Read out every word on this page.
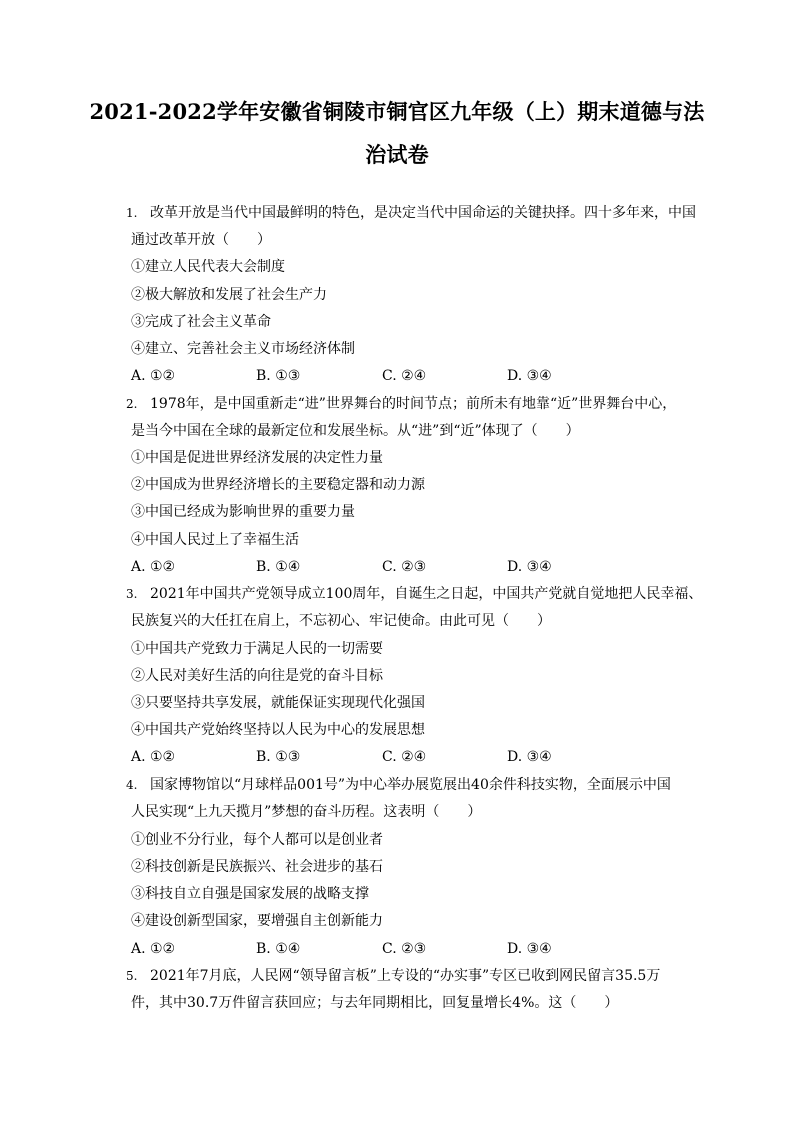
2021-2022学年安徽省铜陵市铜官区九年级（上）期末道德与法
治试卷
1. 改革开放是当代中国最鲜明的特色，是决定当代中国命运的关键抉择。四十多年来，中国
通过改革开放（　　）
①建立人民代表大会制度
②极大解放和发展了社会生产力
③完成了社会主义革命
④建立、完善社会主义市场经济体制
A. ①②	B. ①③	C. ②④	D. ③④
2. 1978年，是中国重新走“进”世界舞台的时间节点；前所未有地靠“近”世界舞台中心，
是当今中国在全球的最新定位和发展坐标。从“进”到“近”体现了（　　）
①中国是促进世界经济发展的决定性力量
②中国成为世界经济增长的主要稳定器和动力源
③中国已经成为影响世界的重要力量
④中国人民过上了幸福生活
A. ①②	B. ①④	C. ②③	D. ③④
3. 2021年中国共产党领导成立100周年，自诞生之日起，中国共产党就自觉地把人民幸福、
民族复兴的大任扛在肩上，不忘初心、牢记使命。由此可见（　　）
①中国共产党致力于满足人民的一切需要
②人民对美好生活的向往是党的奋斗目标
③只要坚持共享发展，就能保证实现现代化强国
④中国共产党始终坚持以人民为中心的发展思想
A. ①②	B. ①③	C. ②④	D. ③④
4. 国家博物馆以“月球样品001号”为中心举办展览展出40余件科技实物，全面展示中国
人民实现“上九天揽月”梦想的奋斗历程。这表明（　　）
①创业不分行业，每个人都可以是创业者
②科技创新是民族振兴、社会进步的基石
③科技自立自强是国家发展的战略支撑
④建设创新型国家，要增强自主创新能力
A. ①②	B. ①④	C. ②③	D. ③④
5. 2021年7月底，人民网“领导留言板”上专设的“办实事”专区已收到网民留言35.5万
件，其中30.7万件留言获回应；与去年同期相比，回复量增长4%。这（　　）
